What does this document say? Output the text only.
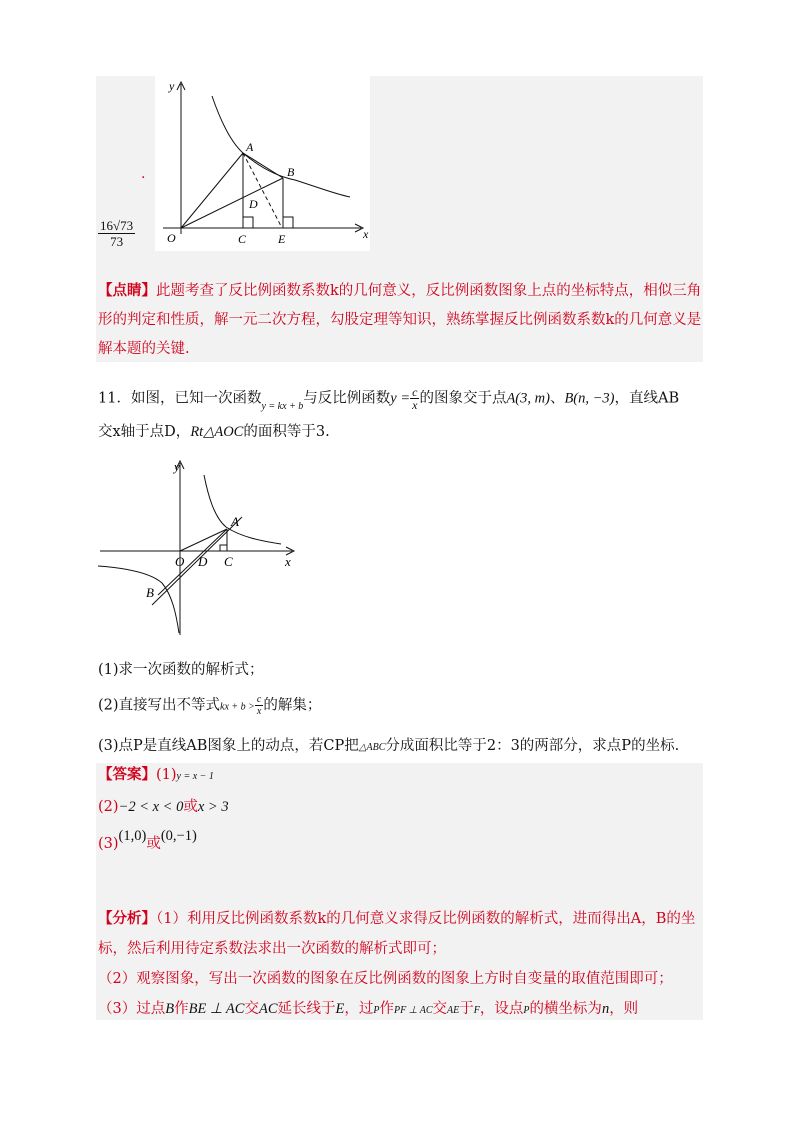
.
$\frac{16√73}{73}$
y
x
O
A
B
C
D
E
【点睛】此题考查了反比例函数系数k的几何意义，反比例函数图象上点的坐标特点，相似三角
形的判定和性质，解一元二次方程，勾股定理等知识，熟练掌握反比例函数系数k的几何意义是
解本题的关键.
11．如图，已知一次函数$_{y = kx + b}$与反比例函数$y = \frac{c}{x}$ 的图象交于点A(3, m)、B(n, −3)，直线AB
交x轴于点D，Rt△AOC的面积等于3.
y
x
O D C
A
B
(1)求一次函数的解析式；
(2)直接写出不等式kx + $b > \frac{c}{x}$ 的解集；
(3)点P是直线AB图象上的动点，若CP把△ABC分成面积比等于2：3的两部分，求点P的坐标.
【答案】(1)y = x − 1
(2)−2 < x < 0或x > 3
(3)(1,0)或(0,−1)
【分析】（1）利用反比例函数系数k的几何意义求得反比例函数的解析式，进而得出A，B的坐
标，然后利用待定系数法求出一次函数的解析式即可；
（2）观察图象，写出一次函数的图象在反比例函数的图象上方时自变量的取值范围即可；
（3）过点B作BE ⊥ AC交AC延长线于E，过P作PF ⊥ AC交AE于F，设点P的横坐标为n，则
